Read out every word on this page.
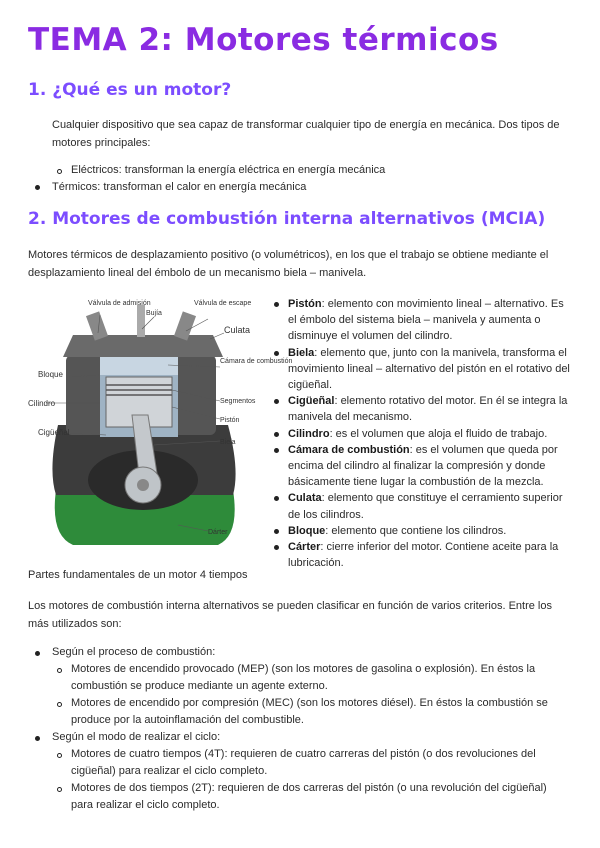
TEMA 2: Motores térmicos
1. ¿Qué es un motor?

Cualquier dispositivo que sea capaz de transformar cualquier tipo de energía en mecánica. Dos tipos de

motores principales:

Eléctricos: transforman la energía eléctrica en energía mecánica

Térmicos: transforman el calor en energía mecánica

2. Motores de combustión interna alternativos (MCIA)

Motores térmicos de desplazamiento positivo (o volumétricos), en los que el trabajo se obtiene mediante el

desplazamiento lineal del émbolo de un mecanismo biela – manivela.

Válvula de admisión
Bujía
Válvula de escape
Culata
Cámara de combustión
Bloque
Segmentos
Cilindro
Pistón
Cigüeñal
Biela
Dárter

Partes fundamentales de un motor 4 tiempos

Pistón: elemento con movimiento lineal – alternativo. Es el émbolo del sistema biela – manivela y aumenta o disminuye el volumen del cilindro.
Biela: elemento que, junto con la manivela, transforma el movimiento lineal – alternativo del pistón en el rotativo del cigüeñal.
Cigüeñal: elemento rotativo del motor. En él se integra la manivela del mecanismo.
Cilindro: es el volumen que aloja el fluido de trabajo.
Cámara de combustión: es el volumen que queda por encima del cilindro al finalizar la compresión y donde básicamente tiene lugar la combustión de la mezcla.
Culata: elemento que constituye el cerramiento superior de los cilindros.
Bloque: elemento que contiene los cilindros.
Cárter: cierre inferior del motor. Contiene aceite para la lubricación.

Los motores de combustión interna alternativos se pueden clasificar en función de varios criterios. Entre los

más utilizados son:

Según el proceso de combustión:

Motores de encendido provocado (MEP) (son los motores de gasolina o explosión). En éstos la

combustión se produce mediante un agente externo.

Motores de encendido por compresión (MEC) (son los motores diésel). En éstos la combustión se

produce por la autoinflamación del combustible.

Según el modo de realizar el ciclo:

Motores de cuatro tiempos (4T): requieren de cuatro carreras del pistón (o dos revoluciones del

cigüeñal) para realizar el ciclo completo.

Motores de dos tiempos (2T): requieren de dos carreras del pistón (o una revolución del cigüeñal)

para realizar el ciclo completo.
